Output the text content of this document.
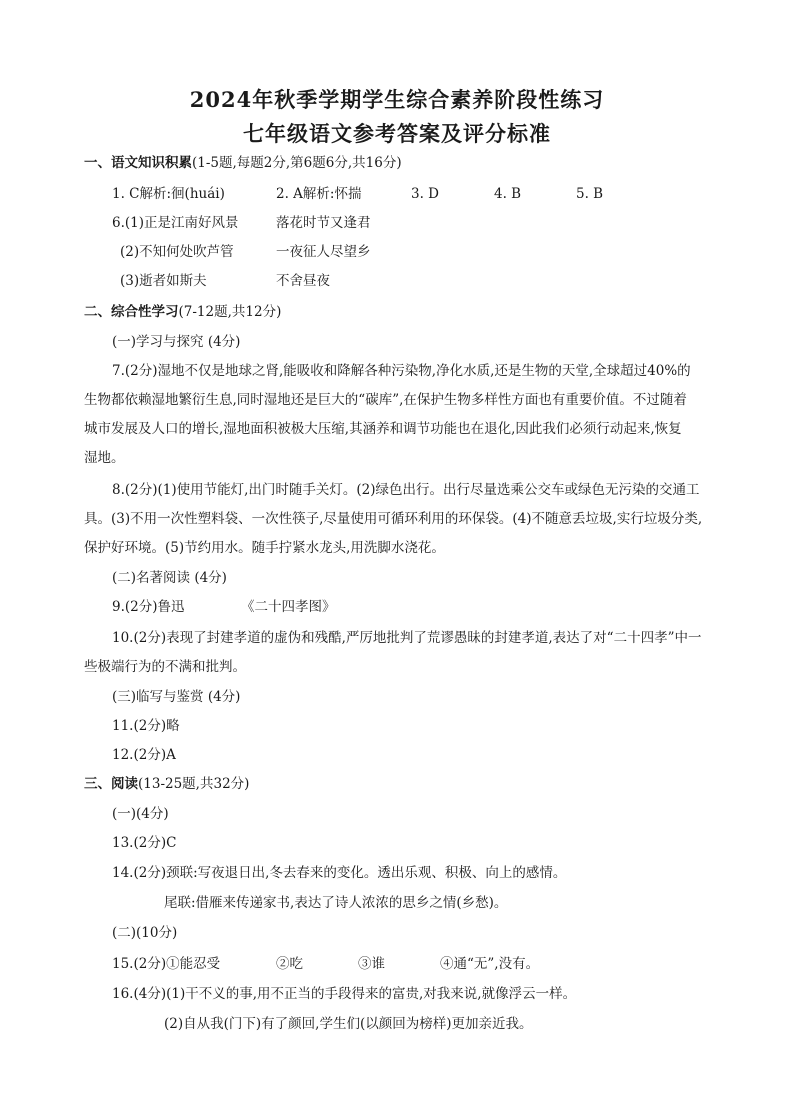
2024年秋季学期学生综合素养阶段性练习
七年级语文参考答案及评分标准
一、语文知识积累(1-5题,每题2分,第6题6分,共16分)
1. C解析:徊(huái)	2. A解析:怀揣	3. D	4. B	5. B
6.(1)正是江南好风景	落花时节又逢君
(2)不知何处吹芦管	一夜征人尽望乡
(3)逝者如斯夫	不舍昼夜
二、综合性学习(7-12题,共12分)
(一)学习与探究 (4分)
7.(2分)湿地不仅是地球之肾,能吸收和降解各种污染物,净化水质,还是生物的天堂,全球超过40%的
生物都依赖湿地繁衍生息,同时湿地还是巨大的“碳库”,在保护生物多样性方面也有重要价值。不过随着
城市发展及人口的增长,湿地面积被极大压缩,其涵养和调节功能也在退化,因此我们必须行动起来,恢复
湿地。
8.(2分)(1)使用节能灯,出门时随手关灯。(2)绿色出行。出行尽量选乘公交车或绿色无污染的交通工
具。(3)不用一次性塑料袋、一次性筷子,尽量使用可循环利用的环保袋。(4)不随意丢垃圾,实行垃圾分类,
保护好环境。(5)节约用水。随手拧紧水龙头,用洗脚水浇花。
(二)名著阅读 (4分)
9.(2分)鲁迅	《二十四孝图》
10.(2分)表现了封建孝道的虚伪和残酷,严厉地批判了荒谬愚昧的封建孝道,表达了对“二十四孝”中一
些极端行为的不满和批判。
(三)临写与鉴赏 (4分)
11.(2分)略
12.(2分)A
三、阅读(13-25题,共32分)
(一)(4分)
13.(2分)C
14.(2分)颈联:写夜退日出,冬去春来的变化。透出乐观、积极、向上的感情。
尾联:借雁来传递家书,表达了诗人浓浓的思乡之情(乡愁)。
(二)(10分)
15.(2分)①能忍受	②吃	③谁	④通“无”,没有。
16.(4分)(1)干不义的事,用不正当的手段得来的富贵,对我来说,就像浮云一样。
(2)自从我(门下)有了颜回,学生们(以颜回为榜样)更加亲近我。
